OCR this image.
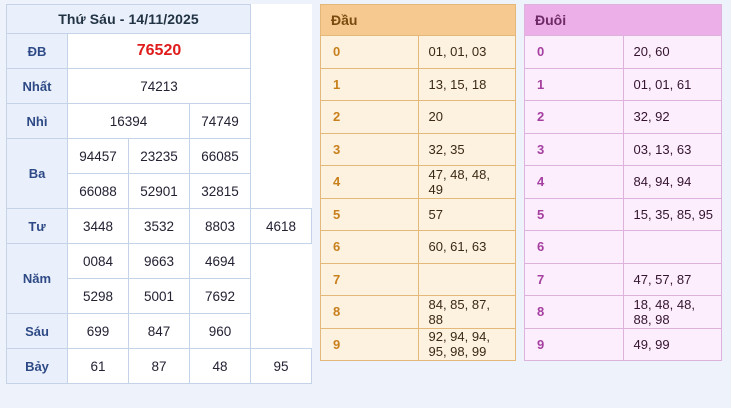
Thứ Sáu - 14/11/2025				
ĐB	76520			
Nhất	74213			
Nhì	16394		74749	
Ba	94457	23235	66085	
	66088	52901	32815	
Tư	3448	3532	8803	4618
Năm	0084	9663	4694	
	5298	5001	7692	
Sáu	699	847	960	
Bảy	61	87	48	95
Đầu	
0	01, 01, 03
1	13, 15, 18
2	20
3	32, 35
4	47, 48, 48, 49
5	57
6	60, 61, 63
7	
8	84, 85, 87, 88
9	92, 94, 94, 95, 98, 99
Đuôi	
0	20, 60
1	01, 01, 61
2	32, 92
3	03, 13, 63
4	84, 94, 94
5	15, 35, 85, 95
6	
7	47, 57, 87
8	18, 48, 48, 88, 98
9	49, 99
